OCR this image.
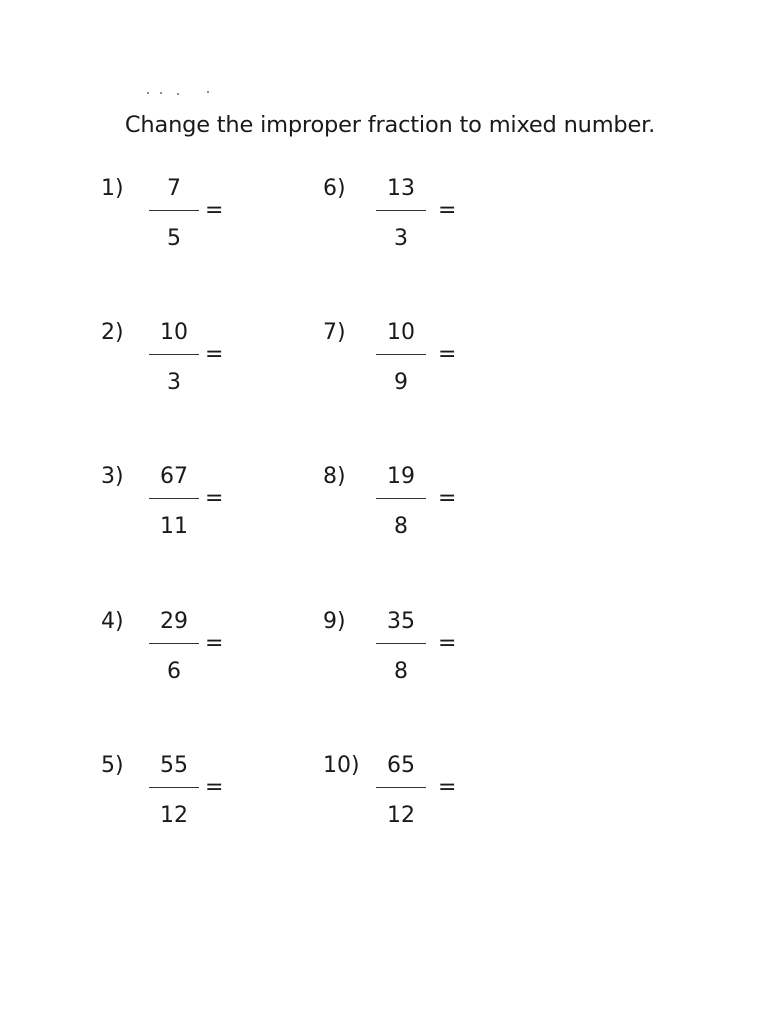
Change the improper fraction to mixed number.
1)	7
5
=
2)	10
3
=
3)	67
11
=
4)	29
6
=
5)	55
12
=
6)	13
3
=
7)	10
9
=
8)	19
8
=
9)	35
8
=
10)	65
12
=
